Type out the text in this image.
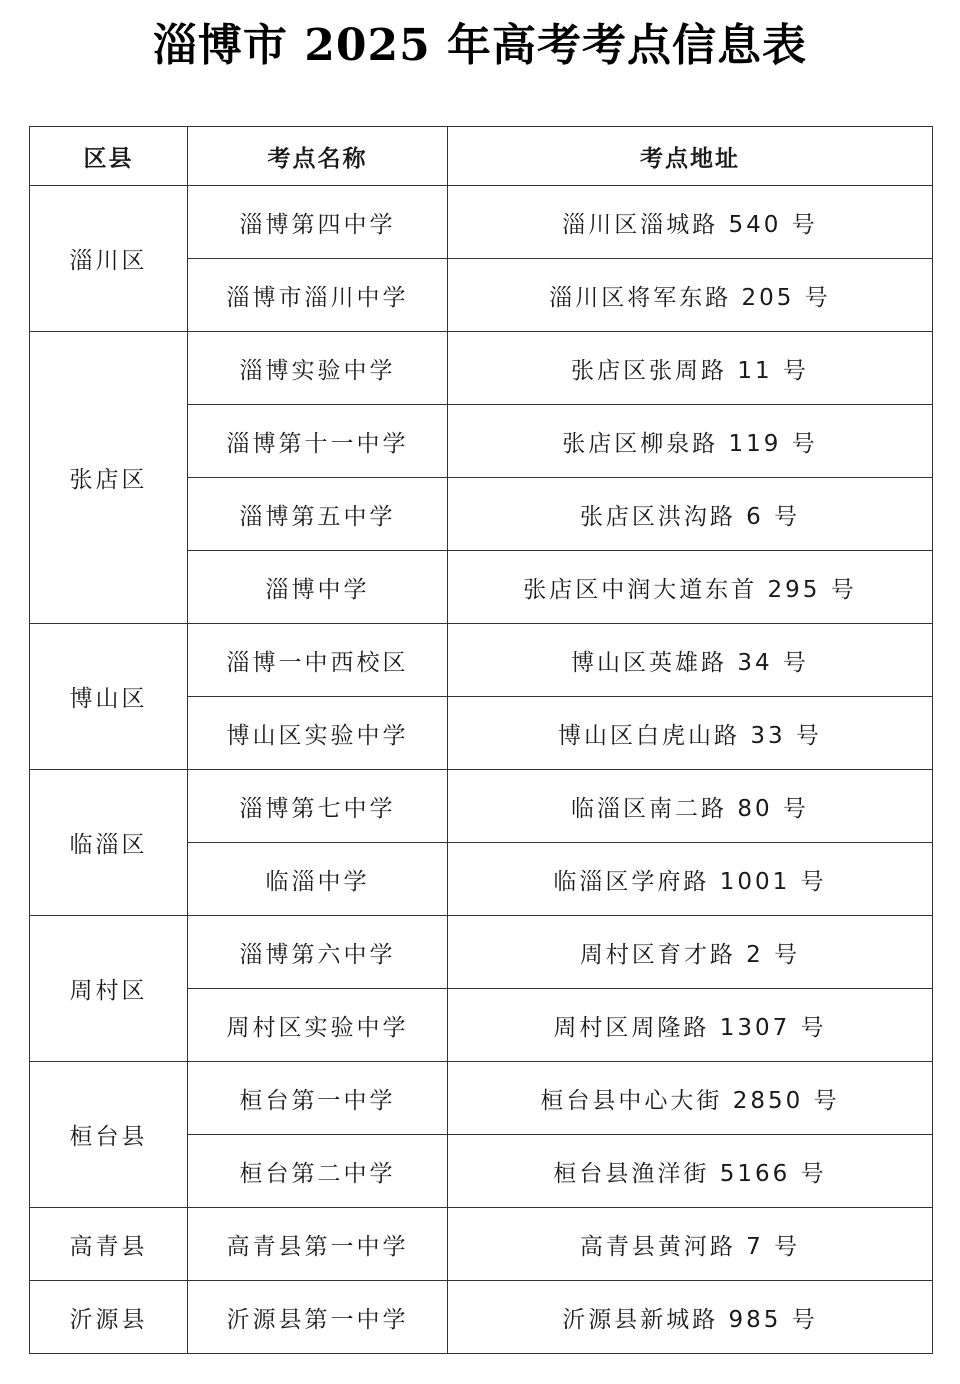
淄博市 2025 年高考考点信息表
区县	考点名称	考点地址
淄川区	淄博第四中学	淄川区淄城路 540 号
	淄博市淄川中学	淄川区将军东路 205 号
张店区	淄博实验中学	张店区张周路 11 号
	淄博第十一中学	张店区柳泉路 119 号
	淄博第五中学	张店区洪沟路 6 号
	淄博中学	张店区中润大道东首 295 号
博山区	淄博一中西校区	博山区英雄路 34 号
	博山区实验中学	博山区白虎山路 33 号
临淄区	淄博第七中学	临淄区南二路 80 号
	临淄中学	临淄区学府路 1001 号
周村区	淄博第六中学	周村区育才路 2 号
	周村区实验中学	周村区周隆路 1307 号
桓台县	桓台第一中学	桓台县中心大街 2850 号
	桓台第二中学	桓台县渔洋街 5166 号
高青县	高青县第一中学	高青县黄河路 7 号
沂源县	沂源县第一中学	沂源县新城路 985 号
